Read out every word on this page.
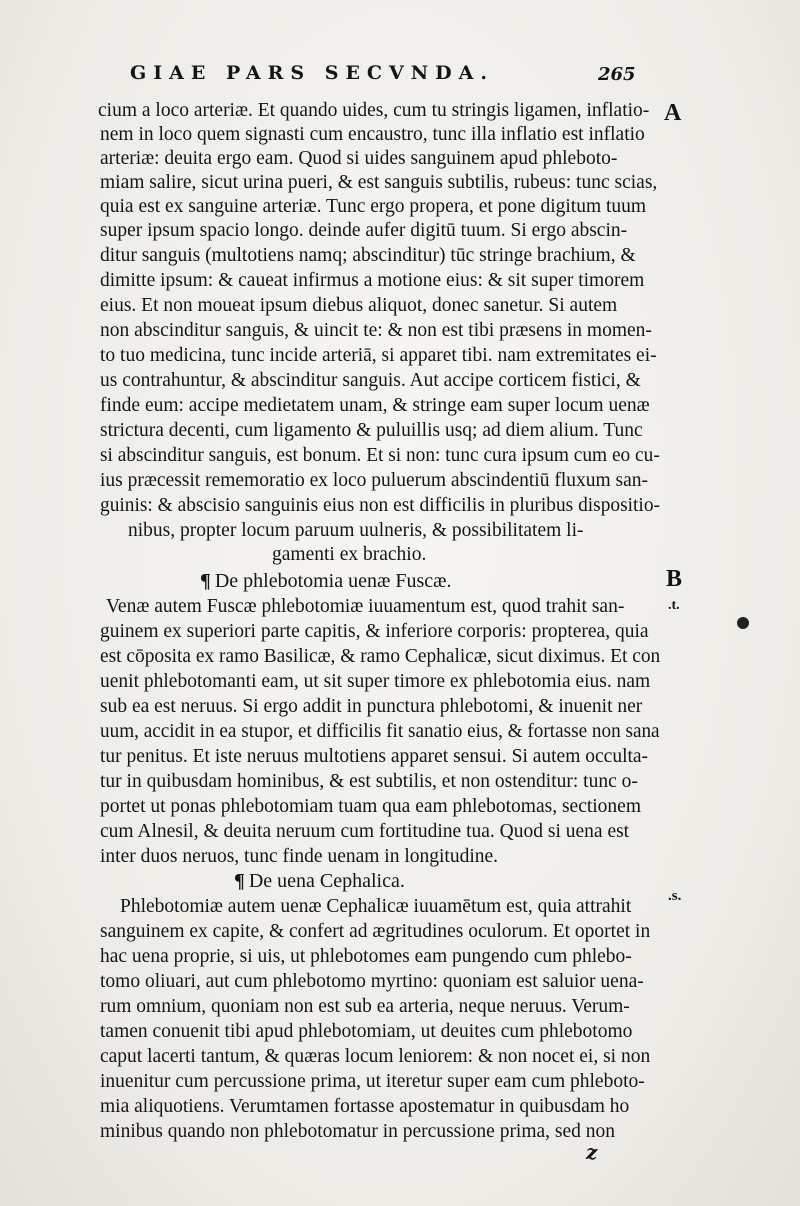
GIAE PARS SECVNDA.	265
A
B
.t.
.s.
cium a loco arteriæ. Et quando uides, cum tu stringis ligamen, inflatio-
nem in loco quem signasti cum encaustro, tunc illa inflatio est inflatio
arteriæ: deuita ergo eam. Quod si uides sanguinem apud phleboto-
miam salire, sicut urina pueri, & est sanguis subtilis, rubeus: tunc scias,
quia est ex sanguine arteriæ. Tunc ergo propera, et pone digitum tuum
super ipsum spacio longo. deinde aufer digitū tuum. Si ergo abscin-
ditur sanguis (multotiens namq; abscinditur) tūc stringe brachium, &
dimitte ipsum: & caueat infirmus a motione eius: & sit super timorem
eius. Et non moueat ipsum diebus aliquot, donec sanetur. Si autem
non abscinditur sanguis, & uincit te: & non est tibi præsens in momen-
to tuo medicina, tunc incide arteriā, si apparet tibi. nam extremitates ei-
us contrahuntur, & abscinditur sanguis. Aut accipe corticem fistici, &
finde eum: accipe medietatem unam, & stringe eam super locum uenæ
strictura decenti, cum ligamento & puluillis usq; ad diem alium. Tunc
si abscinditur sanguis, est bonum. Et si non: tunc cura ipsum cum eo cu-
ius præcessit rememoratio ex loco puluerum abscindentiū fluxum san-
guinis: & abscisio sanguinis eius non est difficilis in pluribus dispositio-
nibus, propter locum paruum uulneris, & possibilitatem li-
gamenti ex brachio.
¶ De phlebotomia uenæ Fuscæ.
Venæ autem Fuscæ phlebotomiæ iuuamentum est, quod trahit san-
guinem ex superiori parte capitis, & inferiore corporis: propterea, quia
est cōposita ex ramo Basilicæ, & ramo Cephalicæ, sicut diximus. Et con
uenit phlebotomanti eam, ut sit super timore ex phlebotomia eius. nam
sub ea est neruus. Si ergo addit in punctura phlebotomi, & inuenit ner
uum, accidit in ea stupor, et difficilis fit sanatio eius, & fortasse non sana
tur penitus. Et iste neruus multotiens apparet sensui. Si autem occulta-
tur in quibusdam hominibus, & est subtilis, et non ostenditur: tunc o-
portet ut ponas phlebotomiam tuam qua eam phlebotomas, sectionem
cum Alnesil, & deuita neruum cum fortitudine tua. Quod si uena est
inter duos neruos, tunc finde uenam in longitudine.
¶ De uena Cephalica.
Phlebotomiæ autem uenæ Cephalicæ iuuamētum est, quia attrahit
sanguinem ex capite, & confert ad ægritudines oculorum. Et oportet in
hac uena proprie, si uis, ut phlebotomes eam pungendo cum phlebo-
tomo oliuari, aut cum phlebotomo myrtino: quoniam est saluior uena-
rum omnium, quoniam non est sub ea arteria, neque neruus. Verum-
tamen conuenit tibi apud phlebotomiam, ut deuites cum phlebotomo
caput lacerti tantum, & quæras locum leniorem: & non nocet ei, si non
inuenitur cum percussione prima, ut iteretur super eam cum phleboto-
mia aliquotiens. Verumtamen fortasse apostematur in quibusdam ho
minibus quando non phlebotomatur in percussione prima, sed non
z
